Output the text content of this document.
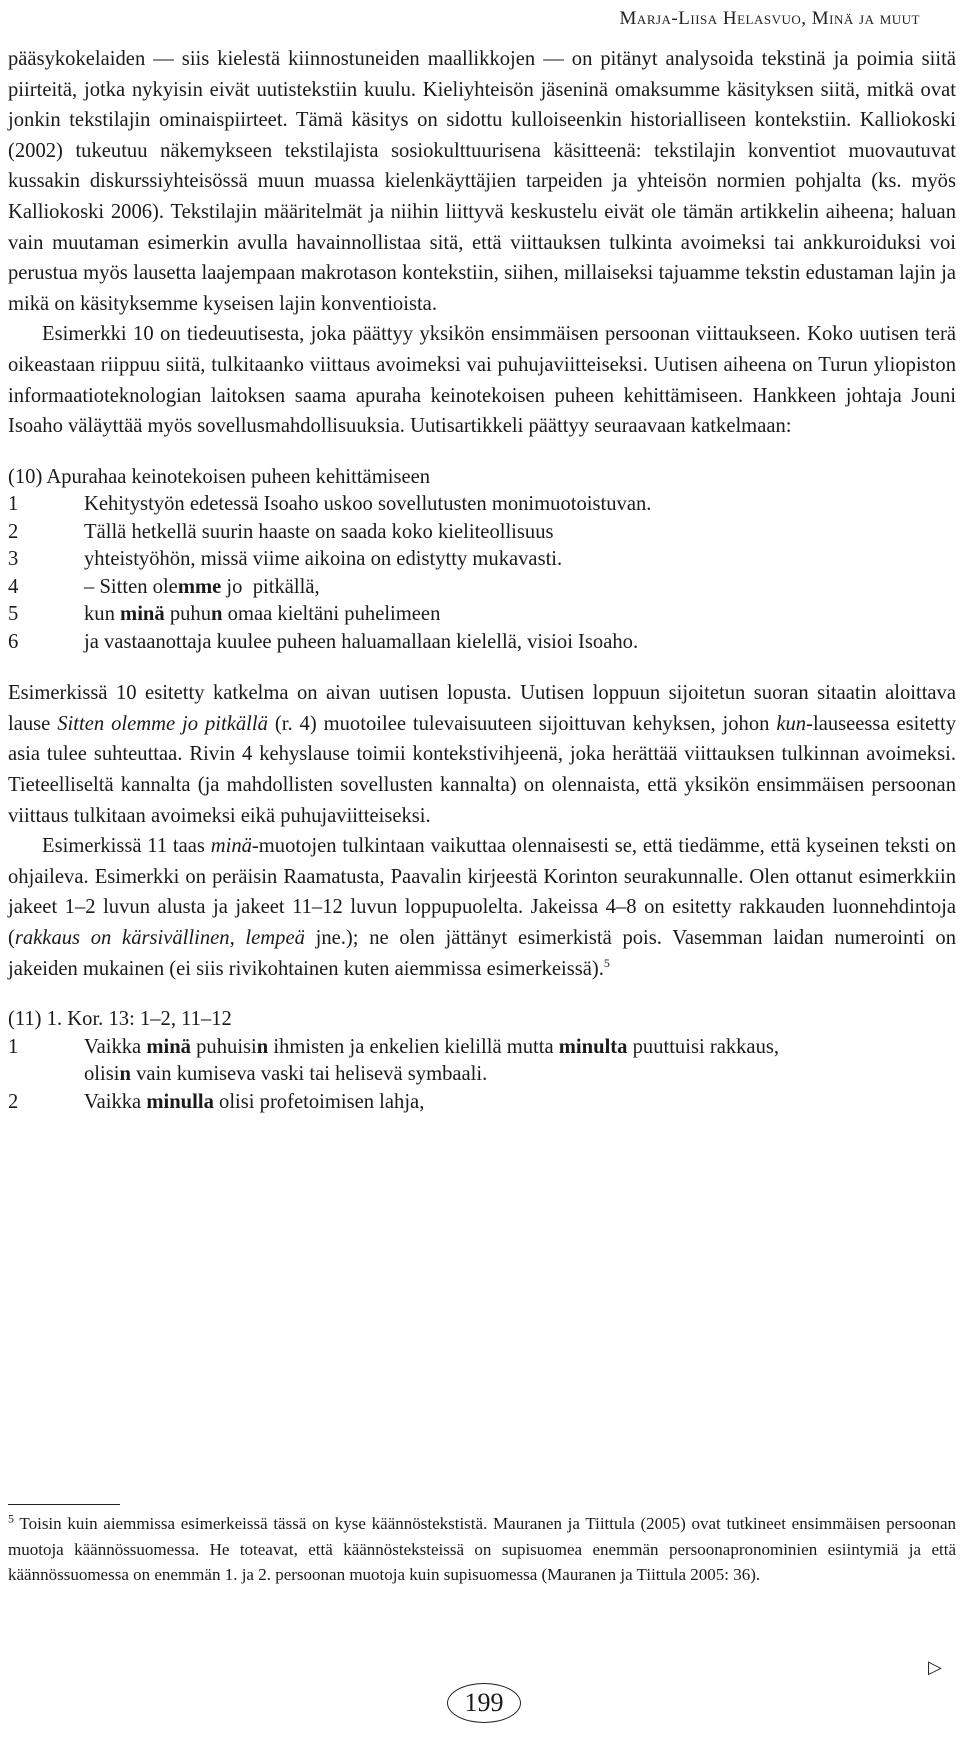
Marja-Liisa Helasvuo, Minä ja muut

pääsykokelaiden — siis kielestä kiinnostuneiden maallikkojen — on pitänyt analysoida tekstinä ja poimia siitä piirteitä, jotka nykyisin eivät uutistekstiin kuulu. Kieliyhteisön jäseninä omaksumme käsityksen siitä, mitkä ovat jonkin tekstilajin ominaispiirteet. Tämä käsitys on sidottu kulloiseenkin historialliseen kontekstiin. Kalliokoski (2002) tukeutuu näkemykseen tekstilajista sosiokulttuurisena käsitteenä: tekstilajin konventiot muovautuvat kussakin diskurssiyhteisössä muun muassa kielenkäyttäjien tarpeiden ja yhteisön normien pohjalta (ks. myös Kalliokoski 2006). Tekstilajin määritelmät ja niihin liittyvä keskustelu eivät ole tämän artikkelin aiheena; haluan vain muutaman esimerkin avulla havainnollistaa sitä, että viittauksen tulkinta avoimeksi tai ankkuroiduksi voi perustua myös lausetta laajempaan makrotason kontekstiin, siihen, millaiseksi tajuamme tekstin edustaman lajin ja mikä on käsityksemme kyseisen lajin konventioista.

Esimerkki 10 on tiedeuutisesta, joka päättyy yksikön ensimmäisen persoonan viittaukseen. Koko uutisen terä oikeastaan riippuu siitä, tulkitaanko viittaus avoimeksi vai puhujaviitteiseksi. Uutisen aiheena on Turun yliopiston informaatioteknologian laitoksen saama apuraha keinotekoisen puheen kehittämiseen. Hankkeen johtaja Jouni Isoaho väläyttää myös sovellusmahdollisuuksia. Uutisartikkeli päättyy seuraavaan katkelmaan:

(10) Apurahaa keinotekoisen puheen kehittämiseen

1	Kehitystyön edetessä Isoaho uskoo sovellutusten monimuotoistuvan.
2	Tällä hetkellä suurin haaste on saada koko kieliteollisuus
3	yhteistyöhön, missä viime aikoina on edistytty mukavasti.
4	– Sitten olemme jo  pitkällä,
5	kun minä puhun omaa kieltäni puhelimeen
6	ja vastaanottaja kuulee puheen haluamallaan kielellä, visioi Isoaho.

Esimerkissä 10 esitetty katkelma on aivan uutisen lopusta. Uutisen loppuun sijoitetun suoran sitaatin aloittava lause Sitten olemme jo pitkällä (r. 4) muotoilee tulevaisuuteen sijoittuvan kehyksen, johon kun-lauseessa esitetty asia tulee suhteuttaa. Rivin 4 kehyslause toimii kontekstivihjeenä, joka herättää viittauksen tulkinnan avoimeksi. Tieteelliseltä kannalta (ja mahdollisten sovellusten kannalta) on olennaista, että yksikön ensimmäisen persoonan viittaus tulkitaan avoimeksi eikä puhujaviitteiseksi.

Esimerkissä 11 taas minä-muotojen tulkintaan vaikuttaa olennaisesti se, että tiedämme, että kyseinen teksti on ohjaileva. Esimerkki on peräisin Raamatusta, Paavalin kirjeestä Korinton seurakunnalle. Olen ottanut esimerkkiin jakeet 1–2 luvun alusta ja jakeet 11–12 luvun loppupuolelta. Jakeissa 4–8 on esitetty rakkauden luonnehdintoja (rakkaus on kärsivällinen, lempeä jne.); ne olen jättänyt esimerkistä pois. Vasemman laidan numerointi on jakeiden mukainen (ei siis rivikohtainen kuten aiemmissa esimerkeissä).$^5$

(11) 1. Kor. 13: 1–2, 11–12

1	Vaikka minä puhuisin ihmisten ja enkelien kielillä mutta minulta puuttuisi rakkaus,
olisin vain kumiseva vaski tai helisevä symbaali.
2	Vaikka minulla olisi profetoimisen lahja,
$^5$ Toisin kuin aiemmissa esimerkeissä tässä on kyse käännöstekstistä. Mauranen ja Tiittula (2005) ovat tutkineet ensimmäisen persoonan muotoja käännössuomessa. He toteavat, että käännösteksteissä on supisuomea enemmän persoonapronominien esiintymiä ja että käännössuomessa on enemmän 1. ja 2. persoonan muotoja kuin supisuomessa (Mauranen ja Tiittula 2005: 36).
▷
199
